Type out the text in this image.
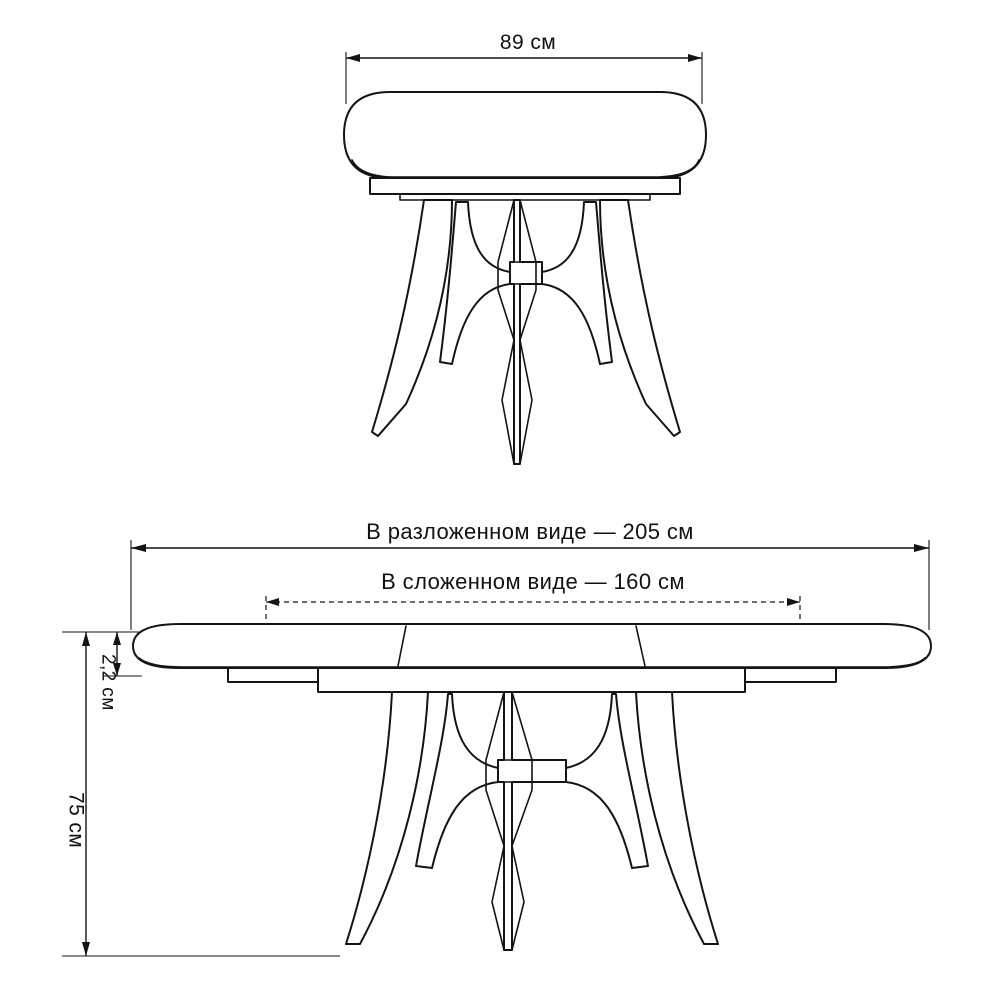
89 см
В разложенном виде — 205 см
В сложенном виде — 160 см
2,2 см
75 см
